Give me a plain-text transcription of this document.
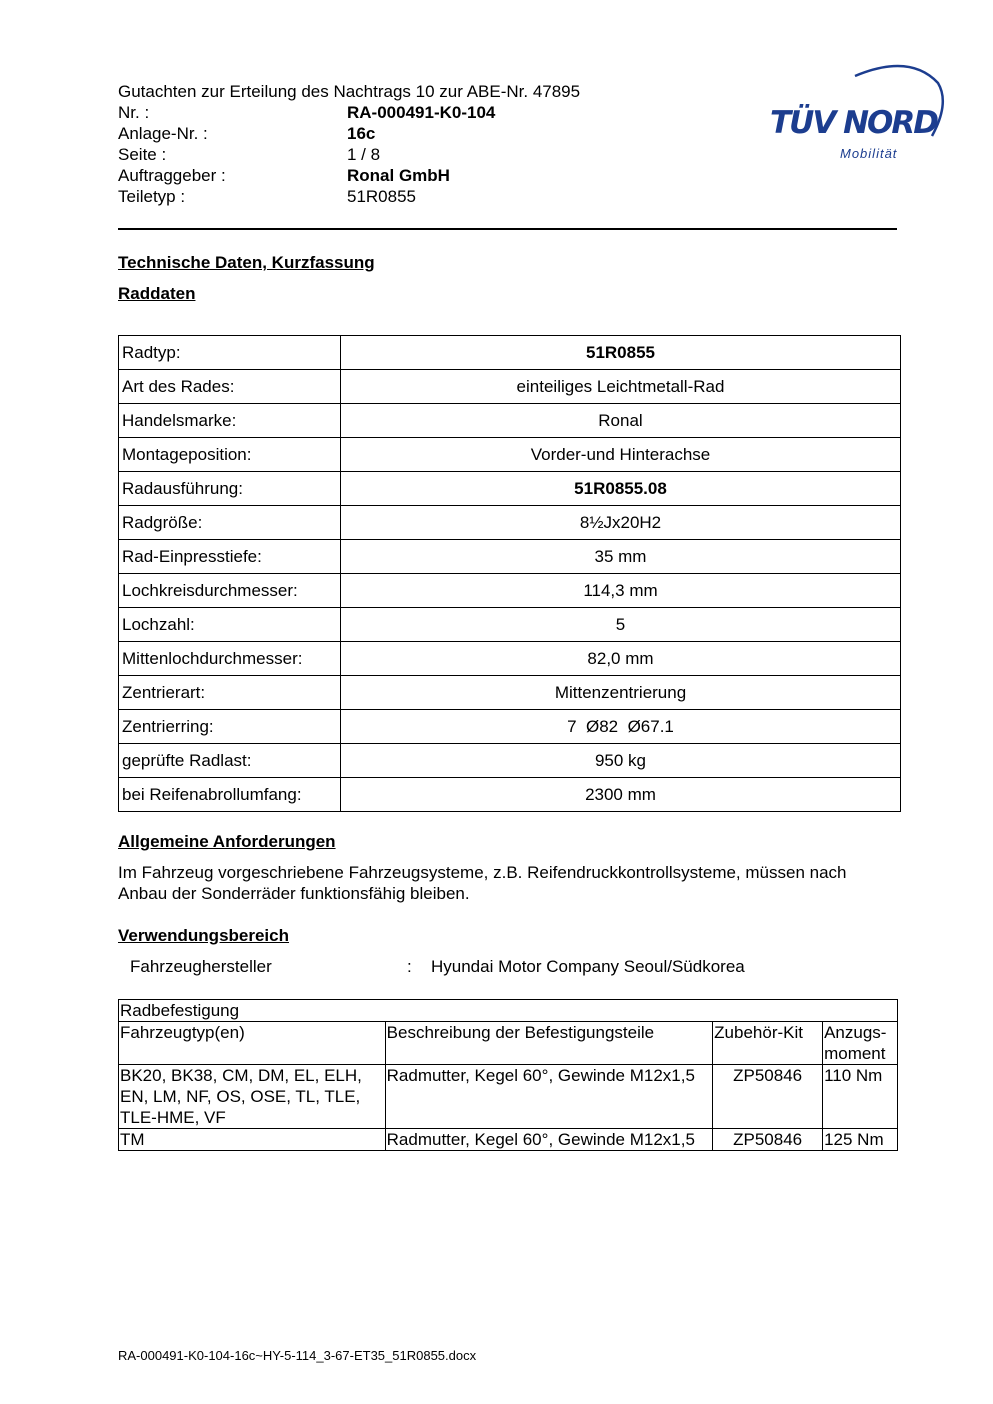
Gutachten zur Erteilung des Nachtrags 10 zur ABE-Nr. 47895
Nr. :	RA-000491-K0-104
Anlage-Nr. :	16c
Seite :	1 / 8
Auftraggeber :	Ronal GmbH
Teiletyp :	51R0855
TÜV NORD
Mobilität
Technische Daten, Kurzfassung
Raddaten
Radtyp:	51R0855
Art des Rades:	einteiliges Leichtmetall-Rad
Handelsmarke:	Ronal
Montageposition:	Vorder-und Hinterachse
Radausführung:	51R0855.08
Radgröße:	8½Jx20H2
Rad-Einpresstiefe:	35 mm
Lochkreisdurchmesser:	114,3 mm
Lochzahl:	5
Mittenlochdurchmesser:	82,0 mm
Zentrierart:	Mittenzentrierung
Zentrierring:	7  Ø82  Ø67.1
geprüfte Radlast:	950 kg
bei Reifenabrollumfang:	2300 mm
Allgemeine Anforderungen
Im Fahrzeug vorgeschriebene Fahrzeugsysteme, z.B. Reifendruckkontrollsysteme, müssen nach Anbau der Sonderräder funktionsfähig bleiben.
Verwendungsbereich
Fahrzeughersteller	: Hyundai Motor Company Seoul/Südkorea
Radbefestigung			
Fahrzeugtyp(en)	Beschreibung der Befestigungsteile	Zubehör-Kit	Anzugs-moment
BK20, BK38, CM, DM, EL, ELH, EN, LM, NF, OS, OSE, TL, TLE, TLE-HME, VF	Radmutter, Kegel 60°, Gewinde M12x1,5	ZP50846	110 Nm
TM	Radmutter, Kegel 60°, Gewinde M12x1,5	ZP50846	125 Nm
RA-000491-K0-104-16c~HY-5-114_3-67-ET35_51R0855.docx
